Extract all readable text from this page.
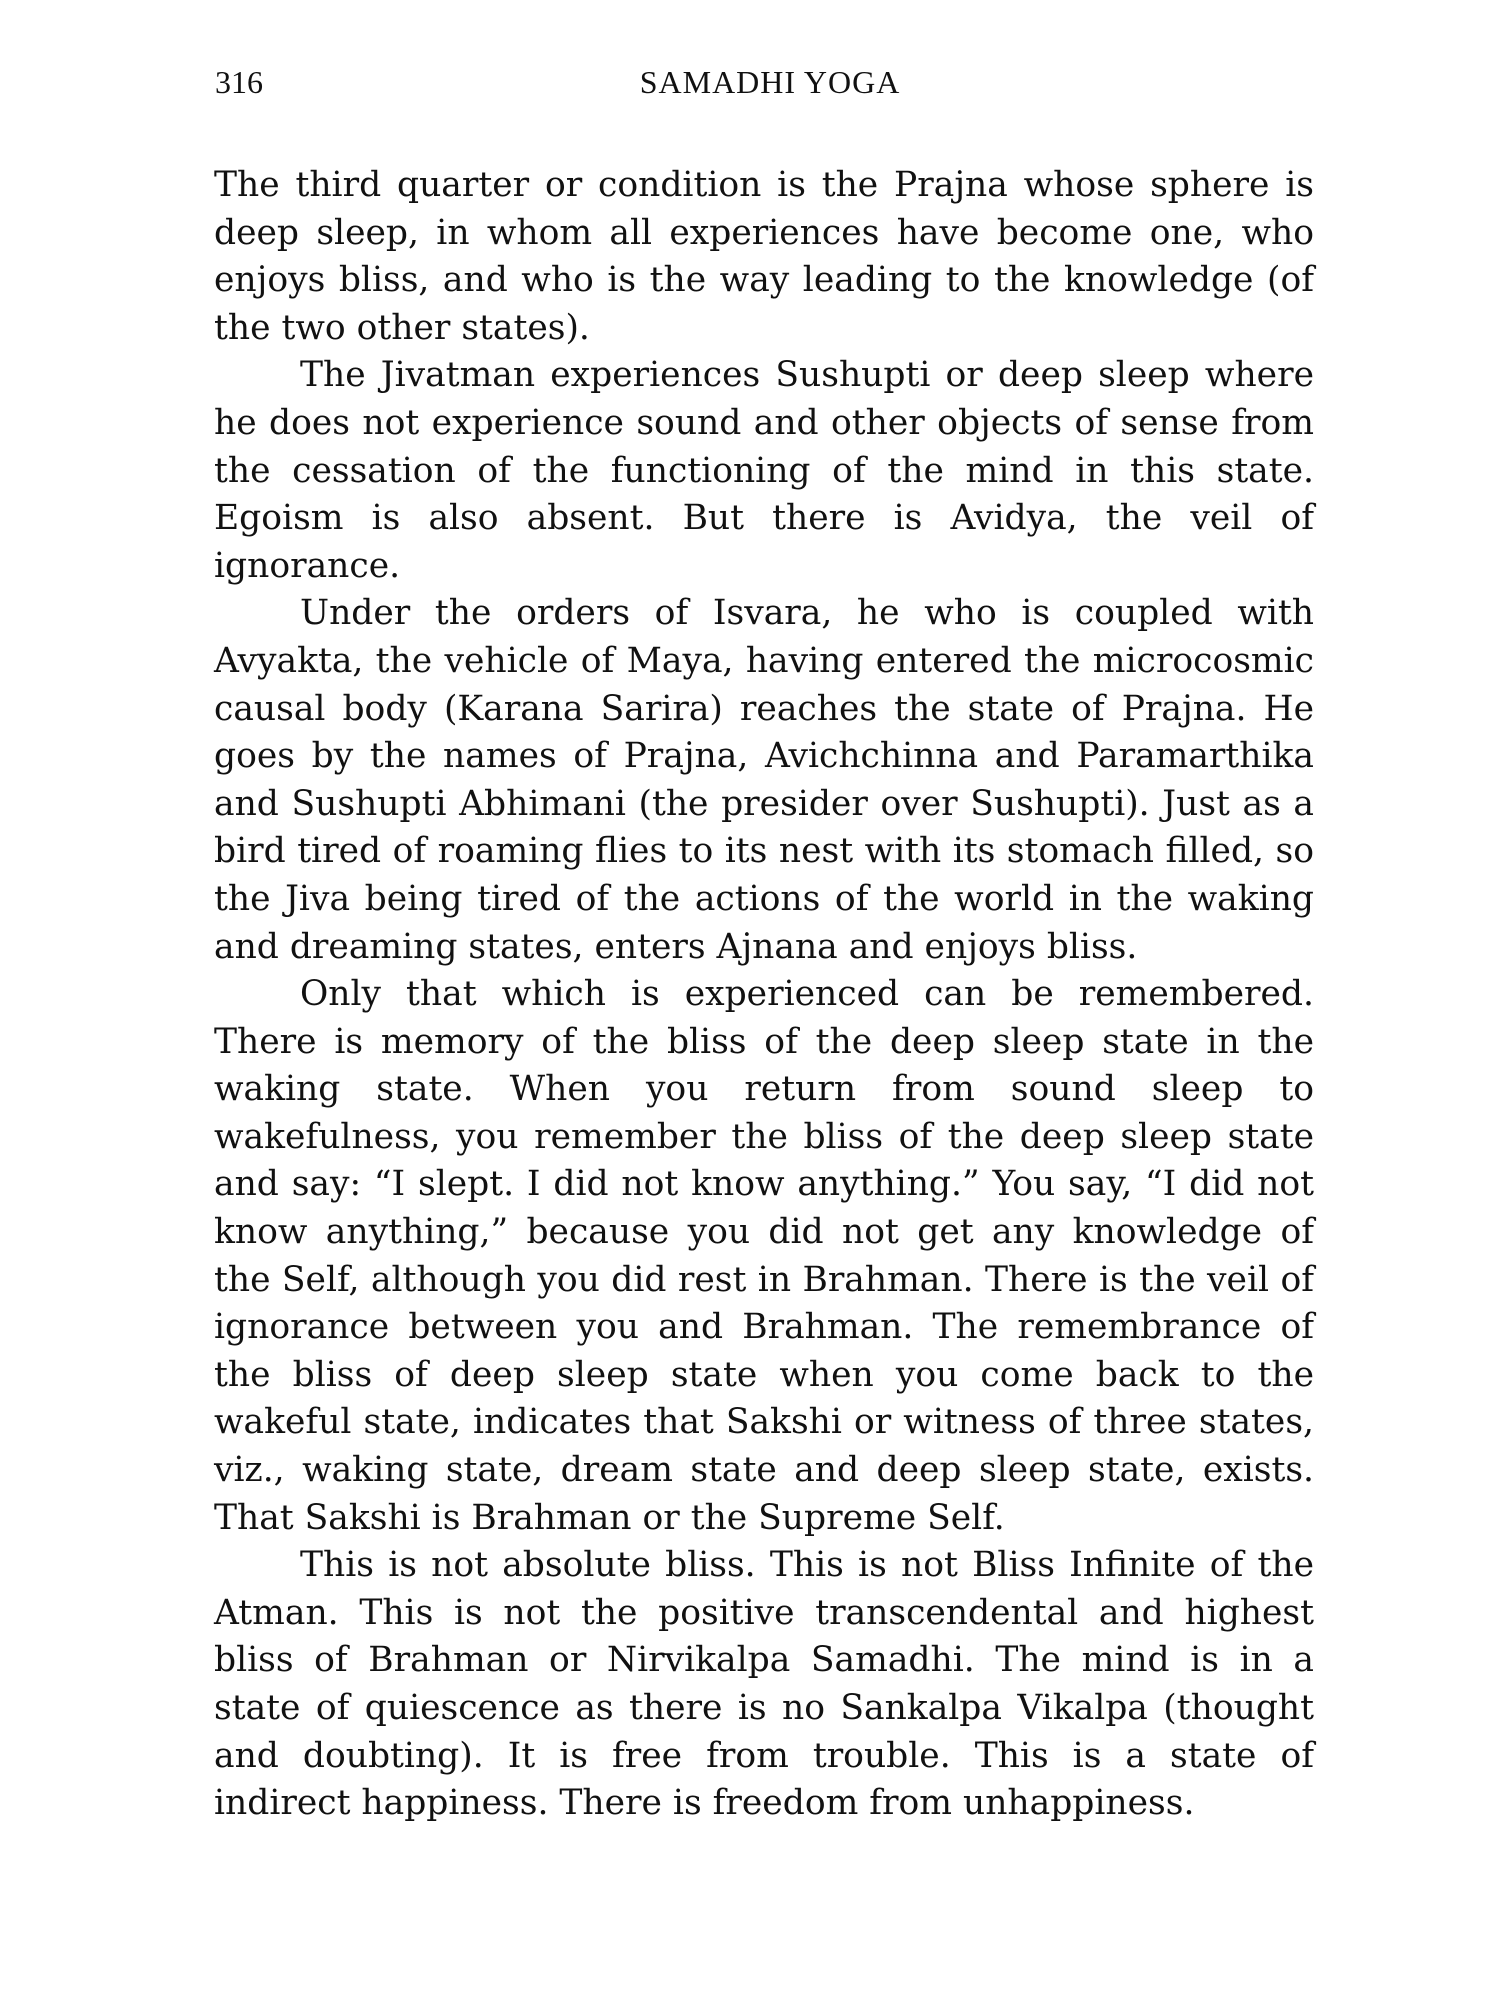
316	SAMADHI YOGA

The third quarter or condition is the Prajna whose sphere is deep sleep, in whom all experiences have become one, who enjoys bliss, and who is the way leading to the knowledge (of the two other states).

The Jivatman experiences Sushupti or deep sleep where he does not experience sound and other objects of sense from the cessation of the functioning of the mind in this state. Egoism is also absent. But there is Avidya, the veil of ignorance.

Under the orders of Isvara, he who is coupled with Avyakta, the vehicle of Maya, having entered the microcosmic causal body (Karana Sarira) reaches the state of Prajna. He goes by the names of Prajna, Avichchinna and Paramarthika and Sushupti Abhimani (the presider over Sushupti). Just as a bird tired of roaming flies to its nest with its stomach filled, so the Jiva being tired of the actions of the world in the waking and dreaming states, enters Ajnana and enjoys bliss.

Only that which is experienced can be remembered. There is memory of the bliss of the deep sleep state in the waking state. When you return from sound sleep to wakefulness, you remember the bliss of the deep sleep state and say: “I slept. I did not know anything.” You say, “I did not know anything,” because you did not get any knowledge of the Self, although you did rest in Brahman. There is the veil of ignorance between you and Brahman. The remembrance of the bliss of deep sleep state when you come back to the wakeful state, indicates that Sakshi or witness of three states, viz., waking state, dream state and deep sleep state, exists. That Sakshi is Brahman or the Supreme Self.

This is not absolute bliss. This is not Bliss Infinite of the Atman. This is not the positive transcendental and highest bliss of Brahman or Nirvikalpa Samadhi. The mind is in a state of quiescence as there is no Sankalpa Vikalpa (thought and doubting). It is free from trouble. This is a state of indirect happiness. There is freedom from unhappiness.
